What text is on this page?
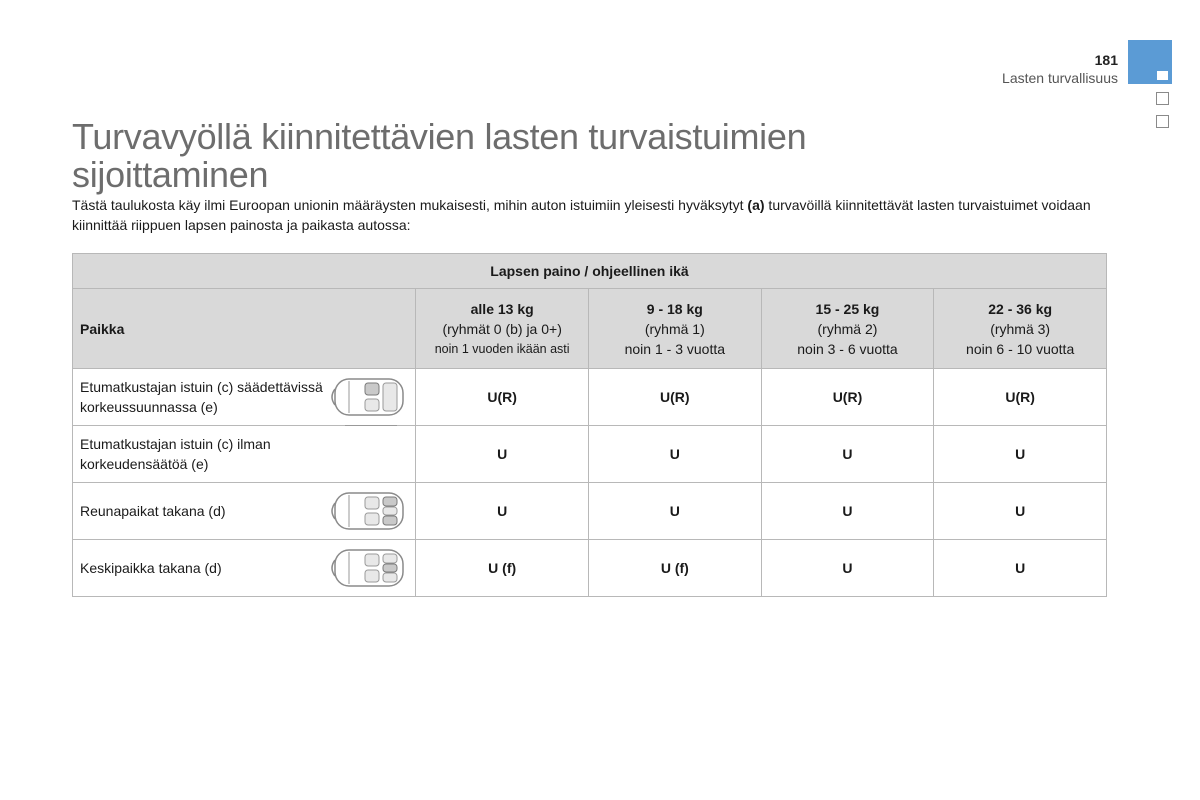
181
Lasten turvallisuus
Turvavyöllä kiinnitettävien lasten turvaistuimien
sijoittaminen

Tästä taulukosta käy ilmi Euroopan unionin määräysten mukaisesti, mihin auton istuimiin yleisesti hyväksytyt (a) turvavöillä kiinnitettävät lasten turvaistuimet voidaan kiinnittää riippuen lapsen painosta ja paikasta autossa:

Lapsen paino / ohjeellinen ikä				
Paikka	alle 13 kg
(ryhmät 0 (b) ja 0+)
noin 1 vuoden ikään asti	9 - 18 kg
(ryhmä 1)
noin 1 - 3 vuotta	15 - 25 kg
(ryhmä 2)
noin 3 - 6 vuotta	22 - 36 kg
(ryhmä 3)
noin 6 - 10 vuotta

Etumatkustajan istuin (c) säädettävissä korkeussuunnassa (e)	U(R)	U(R)	U(R)	U(R)

Etumatkustajan istuin (c) ilman korkeudensäätöä (e)	U	U	U	U

Reunapaikat takana (d)	U	U	U	U

Keskipaikka takana (d)	U (f)	U (f)	U	U
